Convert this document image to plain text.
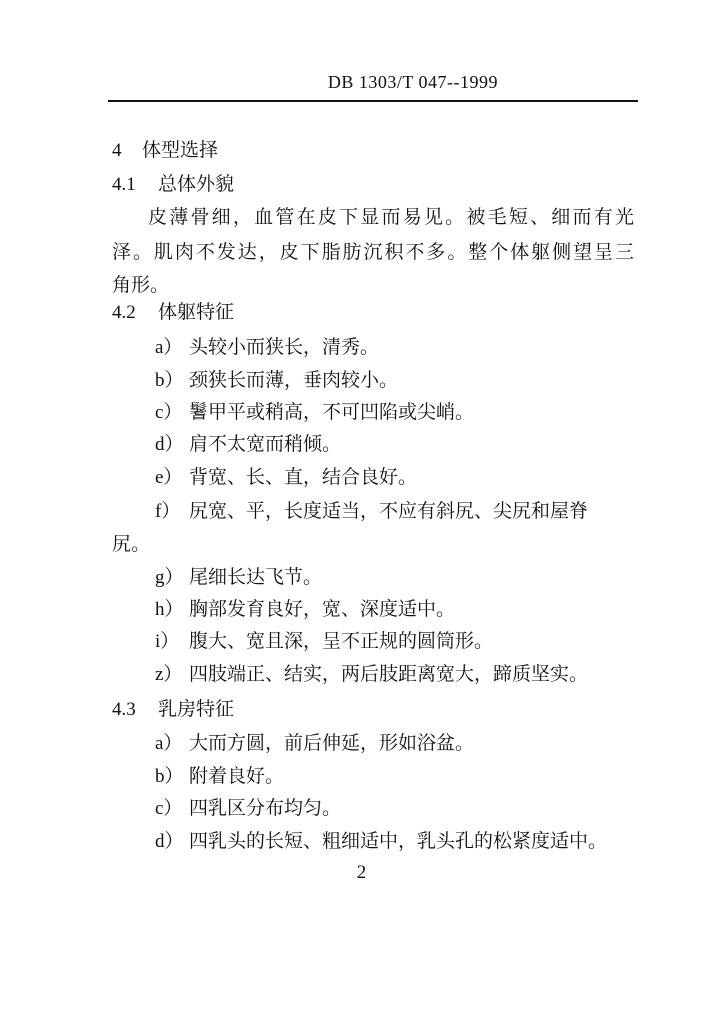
DB 1303/T 047--1999
4 体型选择
4.1 总体外貌
皮薄骨细，血管在皮下显而易见。被毛短、细而有光
泽。肌肉不发达，皮下脂肪沉积不多。整个体躯侧望呈三
角形。
4.2 体躯特征
a） 头较小而狭长，清秀。
b） 颈狭长而薄，垂肉较小。
c） 鬐甲平或稍高，不可凹陷或尖峭。
d） 肩不太宽而稍倾。
e） 背宽、长、直，结合良好。
f） 尻宽、平，长度适当，不应有斜尻、尖尻和屋脊
尻。
g） 尾细长达飞节。
h） 胸部发育良好，宽、深度适中。
i） 腹大、宽且深，呈不正规的圆筒形。
z） 四肢端正、结实，两后肢距离宽大，蹄质坚实。
4.3 乳房特征
a） 大而方圆，前后伸延，形如浴盆。
b） 附着良好。
c） 四乳区分布均匀。
d） 四乳头的长短、粗细适中，乳头孔的松紧度适中。
2
